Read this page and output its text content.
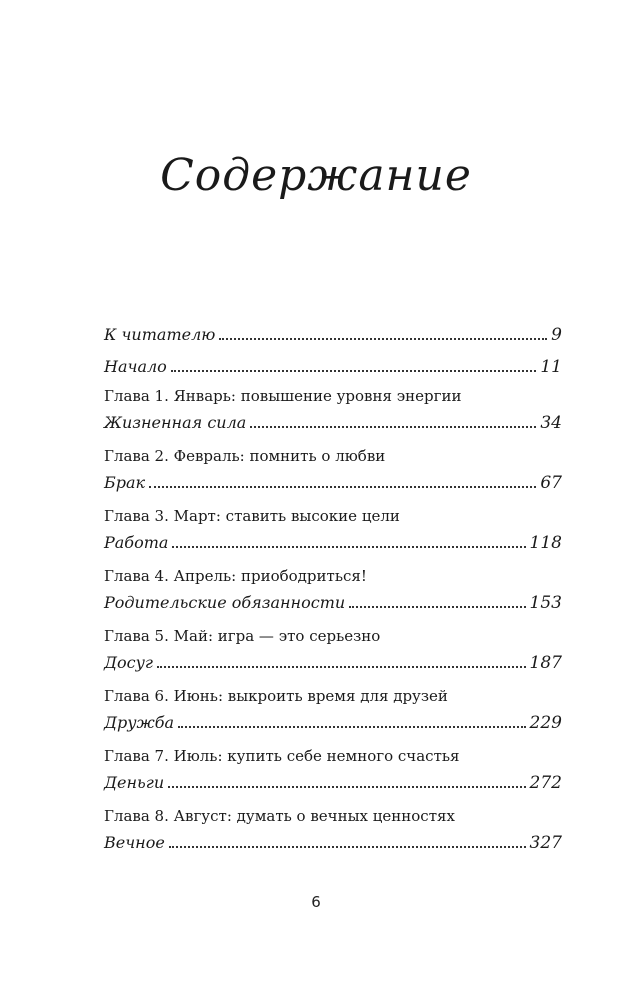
Содержание
К читателю	9
Начало	11
Глава 1. Январь: повышение уровня энергии
Жизненная сила	34
Глава 2. Февраль: помнить о любви
Брак	67
Глава 3. Март: ставить высокие цели
Работа	118
Глава 4. Апрель: приободриться!
Родительские обязанности	153
Глава 5. Май: игра — это серьезно
Досуг	187
Глава 6. Июнь: выкроить время для друзей
Дружба	229
Глава 7. Июль: купить себе немного счастья
Деньги	272
Глава 8. Август: думать о вечных ценностях
Вечное	327
6
